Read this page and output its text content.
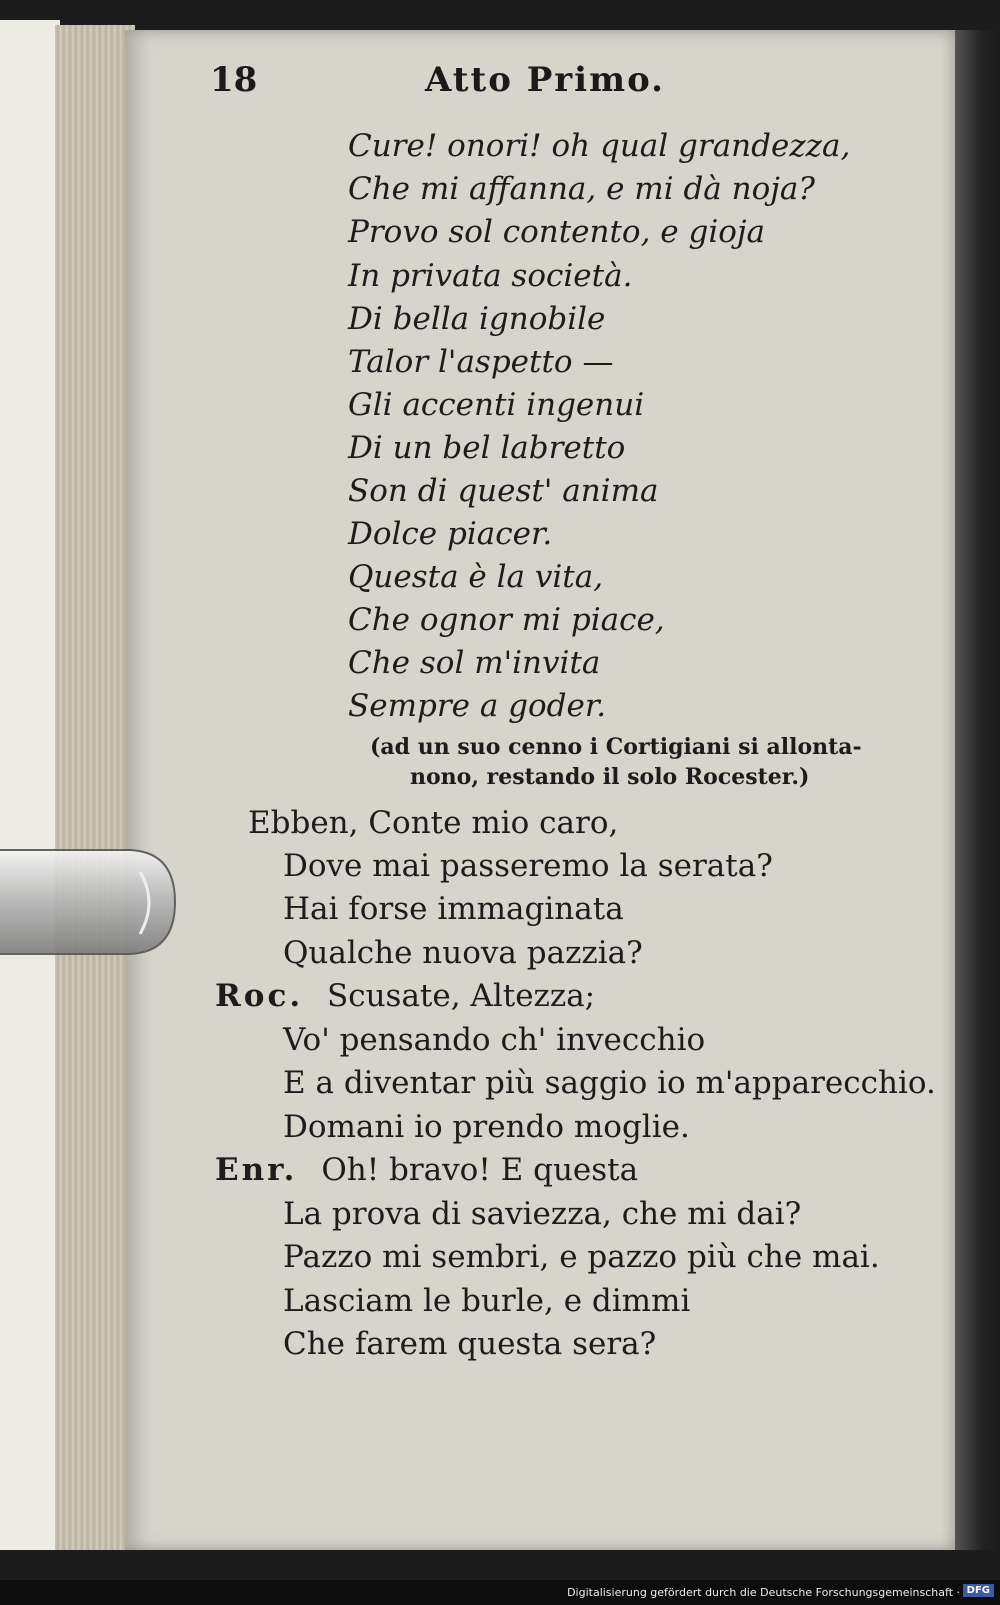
18	Atto Primo.
Cure! onori! oh qual grandezza,
Che mi affanna, e mi dà noja?
Provo sol contento, e gioja
In privata società.
Di bella ignobile
Talor l'aspetto —
Gli accenti ingenui
Di un bel labretto
Son di quest' anima
Dolce piacer.
Questa è la vita,
Che ognor mi piace,
Che sol m'invita
Sempre a goder.
(ad un suo cenno i Cortigiani si allonta-
nono, restando il solo Rocester.)
Ebben, Conte mio caro,
Dove mai passeremo la serata?
Hai forse immaginata
Qualche nuova pazzia?
Roc. Scusate, Altezza;
Vo' pensando ch' invecchio
E a diventar più saggio io m'apparecchio.
Domani io prendo moglie.
Enr. Oh! bravo! E questa
La prova di saviezza, che mi dai?
Pazzo mi sembri, e pazzo più che mai.
Lasciam le burle, e dimmi
Che farem questa sera?
Digitalisierung gefördert durch die Deutsche Forschungsgemeinschaft · DFG
